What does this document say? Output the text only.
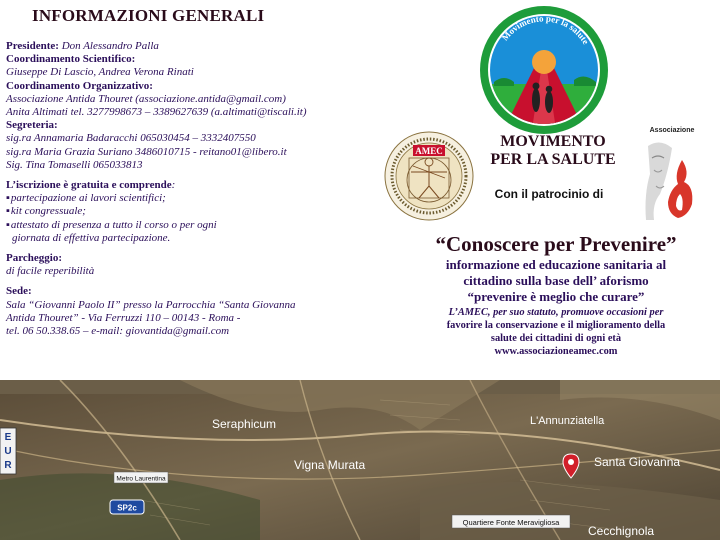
INFORMAZIONI GENERALI
Presidente: Don Alessandro Palla
Coordinamento Scientifico:
Giuseppe Di Lascio, Andrea Verona Rinati
Coordinamento Organizzativo:
Associazione Antida Thouret (associazione.antida@gmail.com)
Anita Altimati tel. 3277998673 – 3389627639 (a.altimati@tiscali.it)
Segreteria:
sig.ra Annamaria Badaracchi 065030454 – 3332407550
sig.ra Maria Grazia Suriano 3486010715 - reitano01@libero.it
Sig. Tina Tomaselli 065033813
L’iscrizione è gratuita e comprende:
▪ partecipazione ai lavori scientifici;
▪ kit congressuale;
▪ attestato di presenza a tutto il corso o per ogni
giornata di effettiva partecipazione.
Parcheggio:
di facile reperibilità
Sede:
Sala “Giovanni Paolo II” presso la Parrocchia “Santa Giovanna
Antida Thouret” - Via Ferruzzi 110 – 00143 - Roma -
tel. 06 50.338.65 – e-mail: giovantida@gmail.com
Movimento per la salute
MOVIMENTO
PER LA SALUTE
Con il patrocinio di
AMEC
Associazione
“Conoscere per Prevenire”
informazione ed educazione sanitaria al
cittadino sulla base dell’ aforismo
“prevenire è meglio che curare”
L’AMEC, per suo statuto, promuove occasioni per
favorire la conservazione e il miglioramento della
salute dei cittadini di ogni età
www.associazioneamec.com
E
U
R
Seraphicum	L'Annunziatella
Vigna Murata	Santa Giovanna
Cecchignola
Metro Laurentina
SP2c
Quartiere Fonte Meravigliosa
